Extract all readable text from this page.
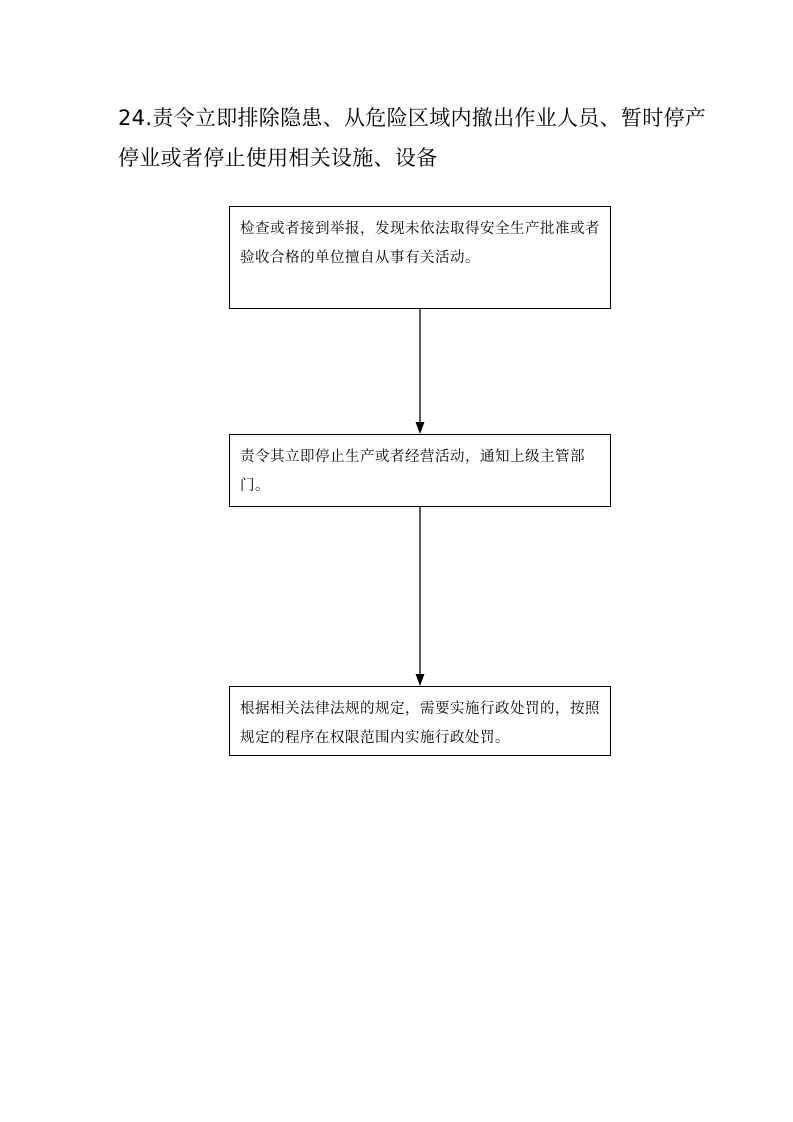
24.责令立即排除隐患、从危险区域内撤出作业人员、暂时停产停业或者停止使用相关设施、设备
检查或者接到举报，发现未依法取得安全生产批准或者验收合格的单位擅自从事有关活动。
责令其立即停止生产或者经营活动，通知上级主管部门。
根据相关法律法规的规定，需要实施行政处罚的，按照规定的程序在权限范围内实施行政处罚。
